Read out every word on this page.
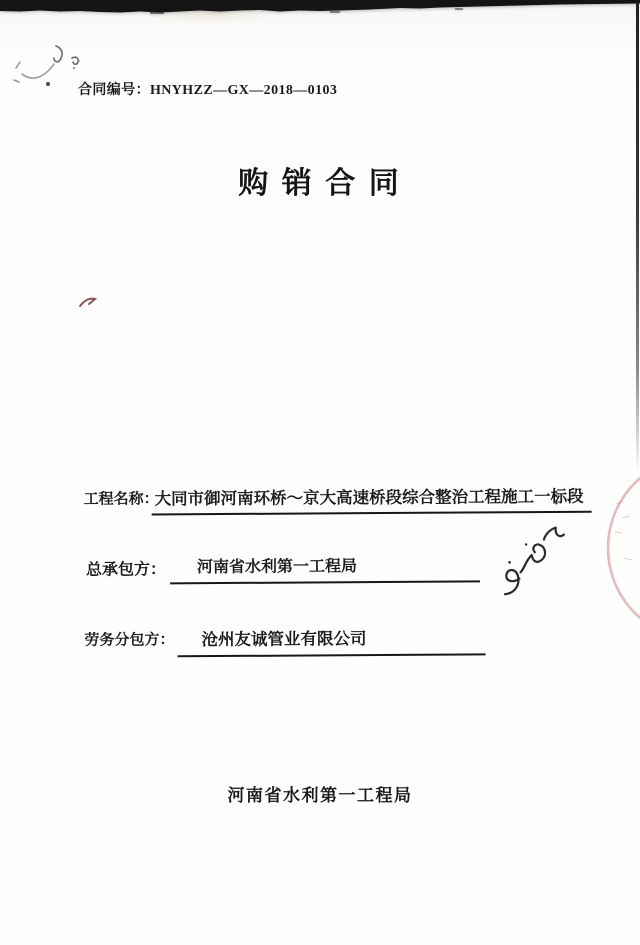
合同编号：HNYHZZ—GX—2018—0103
购 销 合 同
工程名称：
大同市御河南环桥～京大高速桥段综合整治工程施工一标段
总承包方：	河南省水利第一工程局
劳务分包方：	沧州友诚管业有限公司
河南省水利第一工程局
